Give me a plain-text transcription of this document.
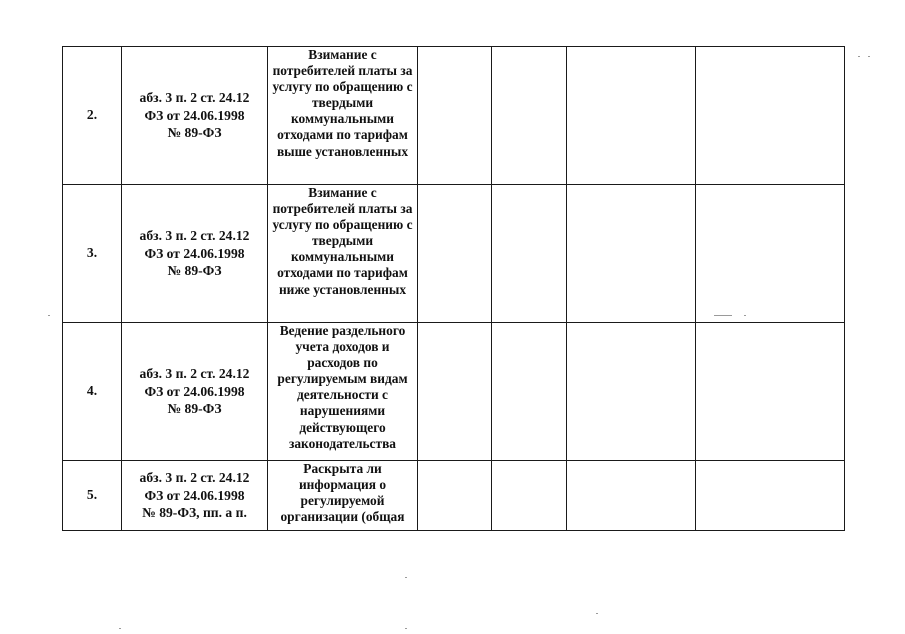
2.	абз. 3 п. 2 ст. 24.12
ФЗ от 24.06.1998
№ 89-ФЗ	Взимание с потребителей платы за услугу по обращению с твердыми коммунальными отходами по тарифам выше установленных				
3.	абз. 3 п. 2 ст. 24.12
ФЗ от 24.06.1998
№ 89-ФЗ	Взимание с потребителей платы за услугу по обращению с твердыми коммунальными отходами по тарифам ниже установленных				
4.	абз. 3 п. 2 ст. 24.12
ФЗ от 24.06.1998
№ 89-ФЗ	Ведение раздельного учета доходов и расходов по регулируемым видам деятельности с нарушениями действующего законодательства				
5.	абз. 3 п. 2 ст. 24.12
ФЗ от 24.06.1998
№ 89-ФЗ, пп. а п.	Раскрыта ли информация о регулируемой организации (общая				
